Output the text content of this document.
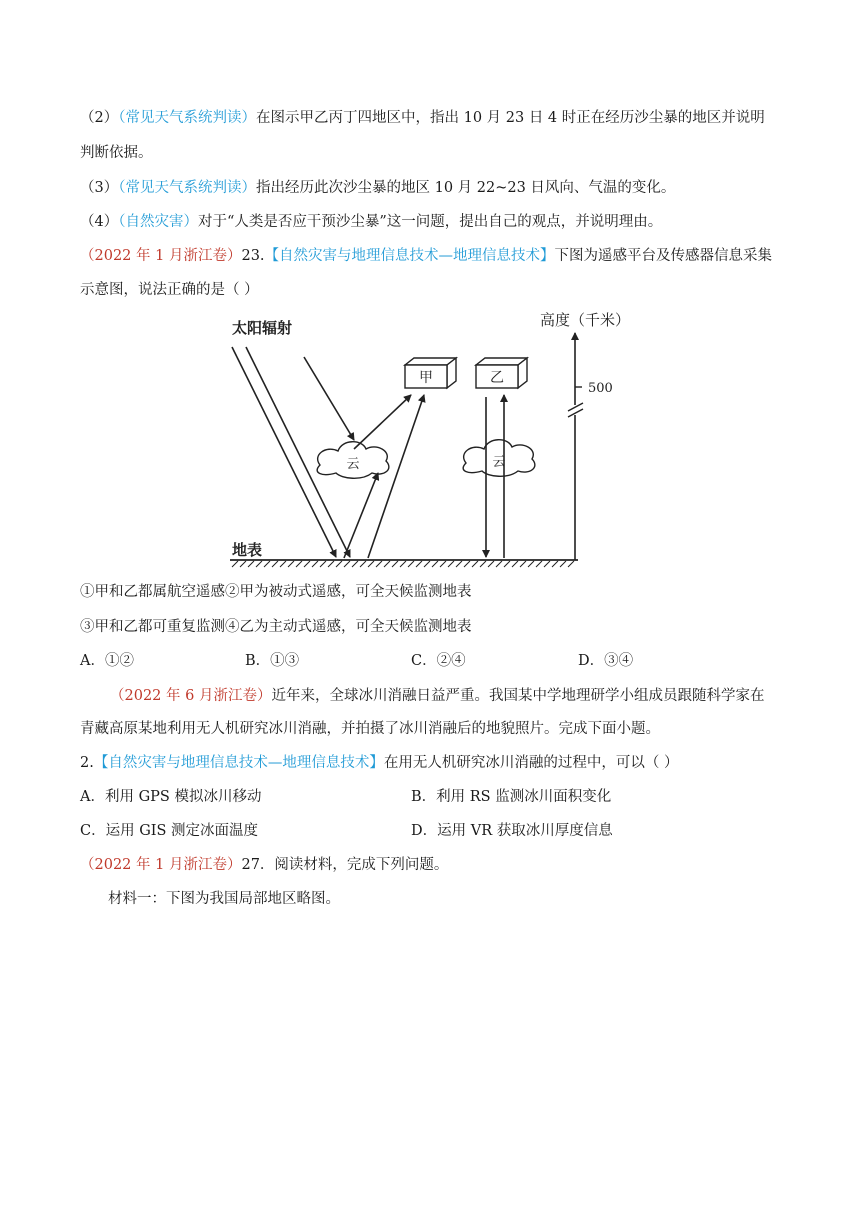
（2）（常见天气系统判读）在图示甲乙丙丁四地区中，指出 10 月 23 日 4 时正在经历沙尘暴的地区并说明
判断依据。
（3）（常见天气系统判读）指出经历此次沙尘暴的地区 10 月 22~23 日风向、气温的变化。
（4）（自然灾害）对于“人类是否应干预沙尘暴”这一问题，提出自己的观点，并说明理由。
（2022 年 1 月浙江卷）23.【自然灾害与地理信息技术—地理信息技术】下图为遥感平台及传感器信息采集
示意图，说法正确的是（ ）
太阳辐射	高度（千米）
500
地表
甲	乙
云	云
①甲和乙都属航空遥感②甲为被动式遥感，可全天候监测地表
③甲和乙都可重复监测④乙为主动式遥感，可全天候监测地表
A．①②	B．①③	C．②④	D．③④
（2022 年 6 月浙江卷）近年来，全球冰川消融日益严重。我国某中学地理研学小组成员跟随科学家在
青藏高原某地利用无人机研究冰川消融，并拍摄了冰川消融后的地貌照片。完成下面小题。
2.【自然灾害与地理信息技术—地理信息技术】在用无人机研究冰川消融的过程中，可以（ ）
A．利用 GPS 模拟冰川移动	B．利用 RS 监测冰川面积变化
C．运用 GIS 测定冰面温度	D．运用 VR 获取冰川厚度信息
（2022 年 1 月浙江卷）27．阅读材料，完成下列问题。
材料一：下图为我国局部地区略图。
